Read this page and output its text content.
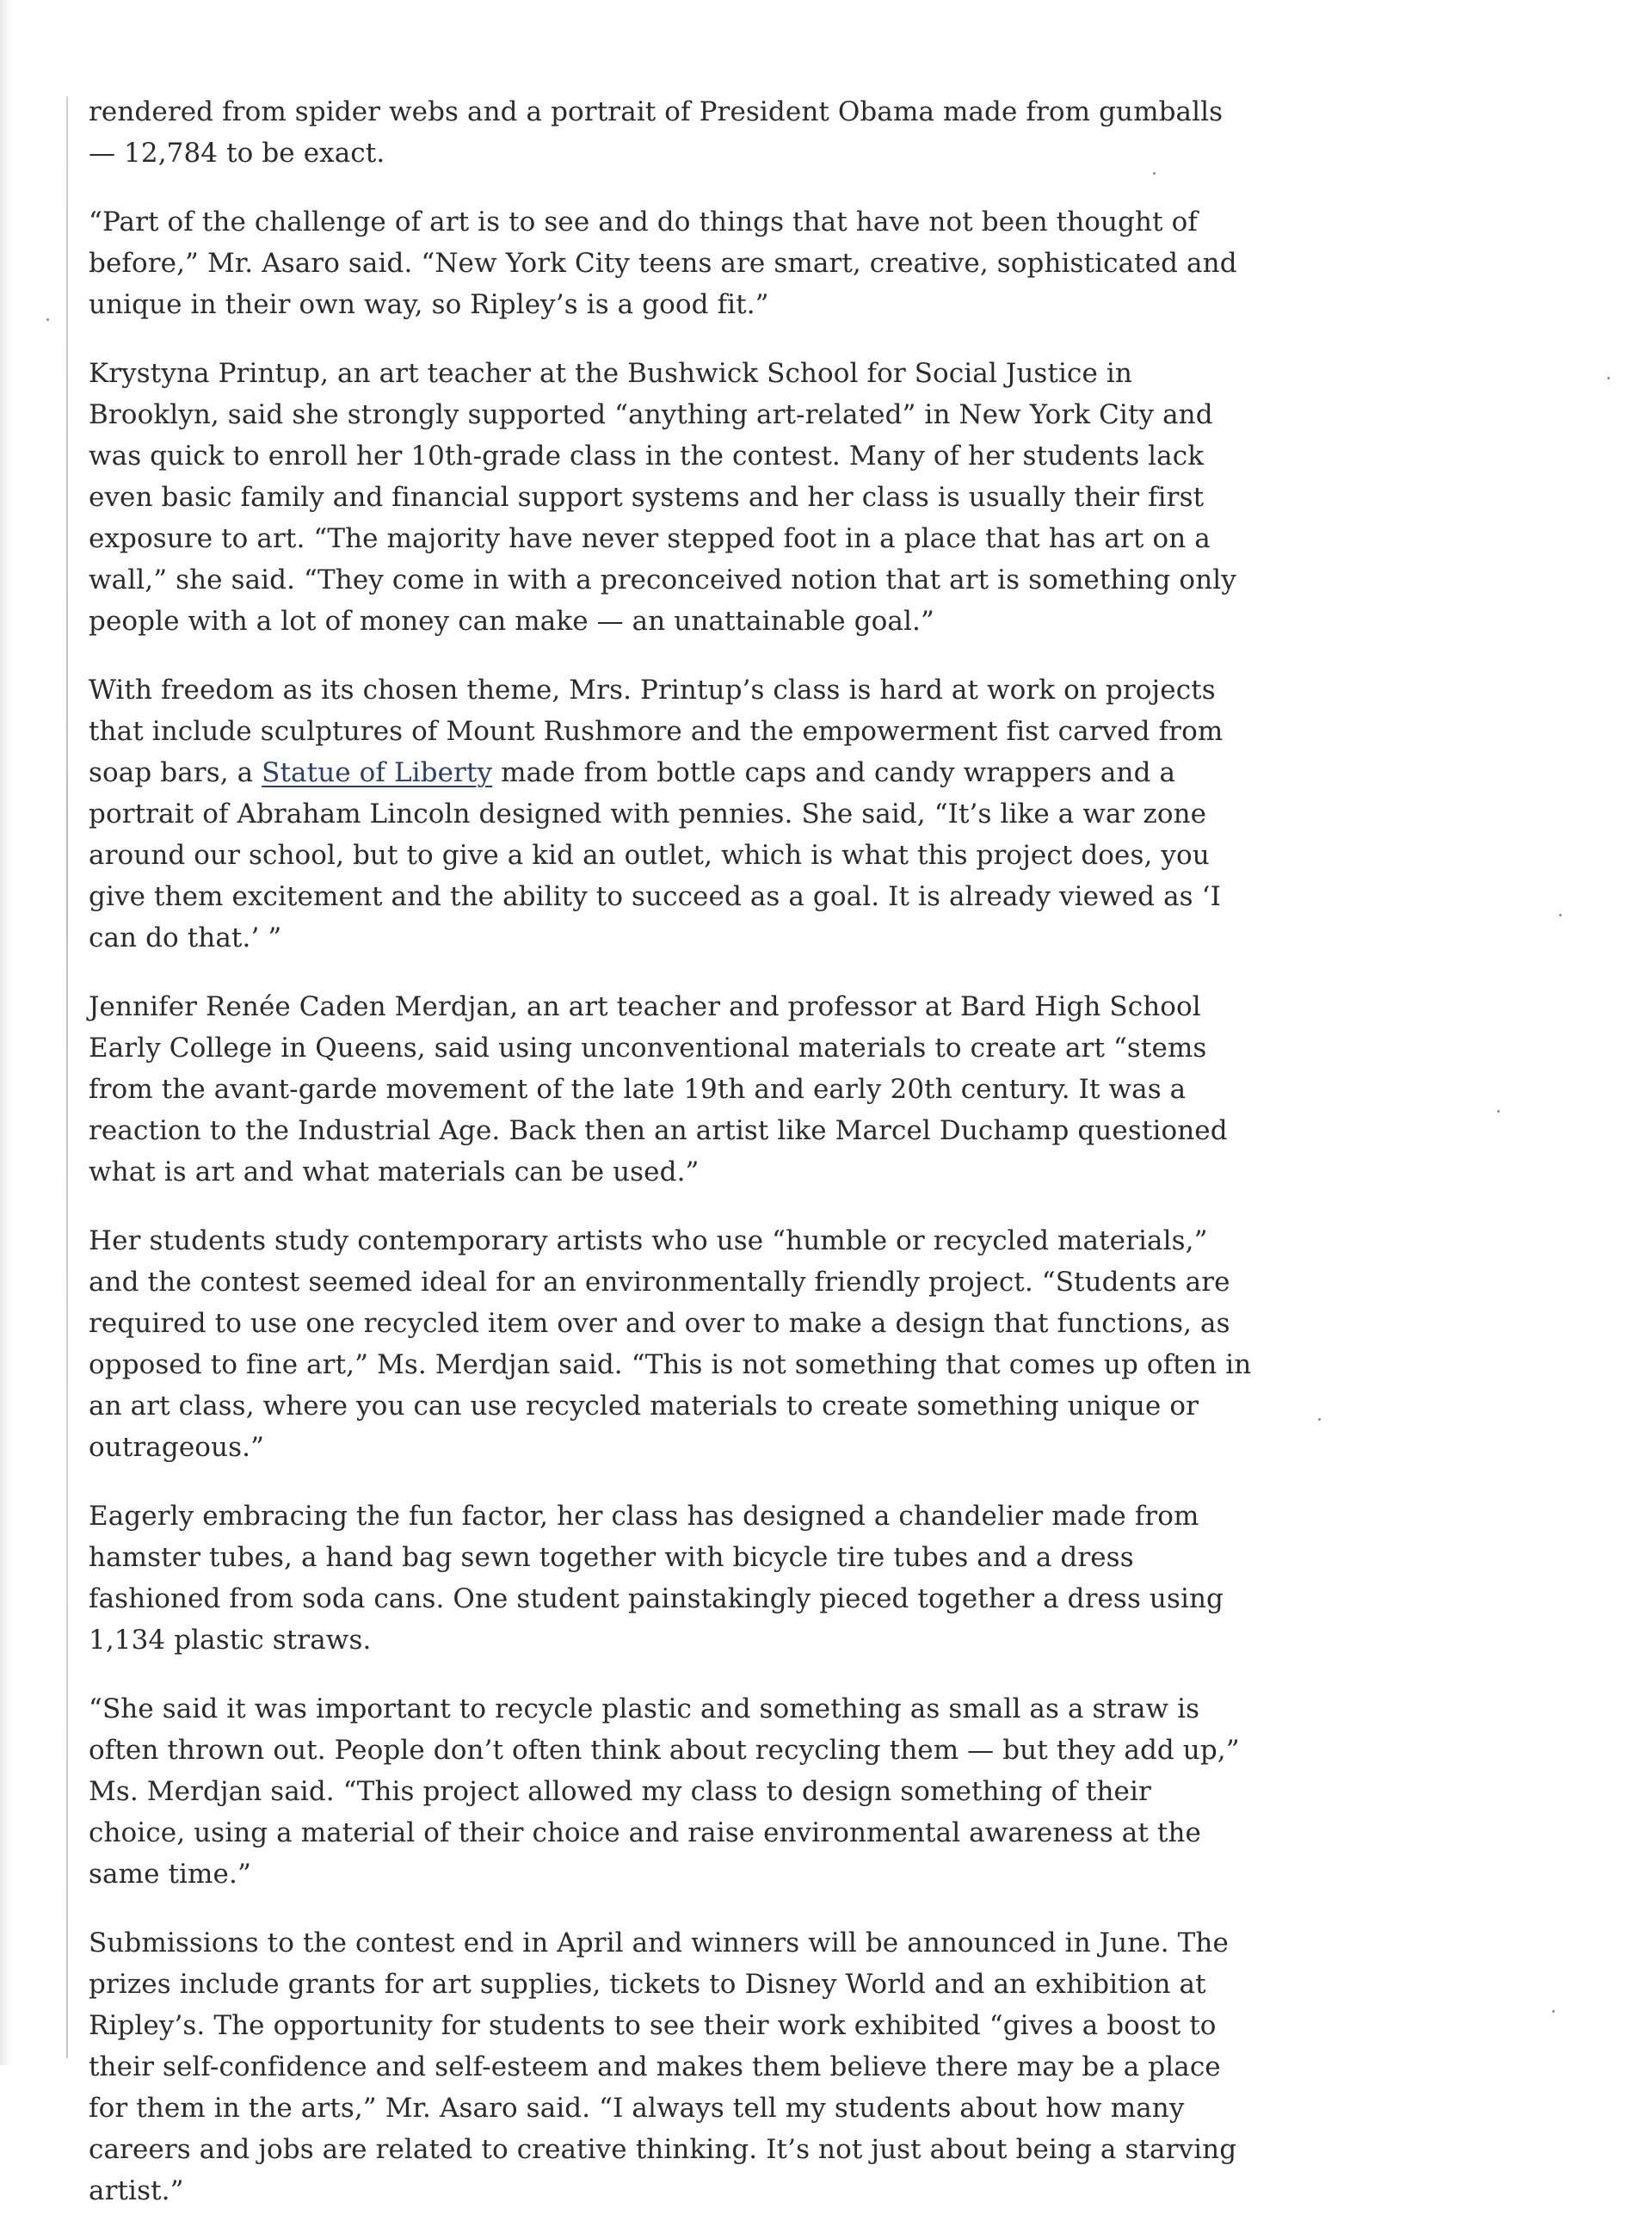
rendered from spider webs and a portrait of President Obama made from gumballs — 12,784 to be exact.

“Part of the challenge of art is to see and do things that have not been thought of before,” Mr. Asaro said. “New York City teens are smart, creative, sophisticated and unique in their own way, so Ripley’s is a good fit.”

Krystyna Printup, an art teacher at the Bushwick School for Social Justice in Brooklyn, said she strongly supported “anything art-related” in New York City and was quick to enroll her 10th-grade class in the contest. Many of her students lack even basic family and financial support systems and her class is usually their first exposure to art. “The majority have never stepped foot in a place that has art on a wall,” she said. “They come in with a preconceived notion that art is something only people with a lot of money can make — an unattainable goal.”

With freedom as its chosen theme, Mrs. Printup’s class is hard at work on projects that include sculptures of Mount Rushmore and the empowerment fist carved from soap bars, a Statue of Liberty made from bottle caps and candy wrappers and a portrait of Abraham Lincoln designed with pennies. She said, “It’s like a war zone around our school, but to give a kid an outlet, which is what this project does, you give them excitement and the ability to succeed as a goal. It is already viewed as ‘I can do that.’ ”

Jennifer Renée Caden Merdjan, an art teacher and professor at Bard High School Early College in Queens, said using unconventional materials to create art “stems from the avant-garde movement of the late 19th and early 20th century. It was a reaction to the Industrial Age. Back then an artist like Marcel Duchamp questioned what is art and what materials can be used.”

Her students study contemporary artists who use “humble or recycled materials,” and the contest seemed ideal for an environmentally friendly project. “Students are required to use one recycled item over and over to make a design that functions, as opposed to fine art,” Ms. Merdjan said. “This is not something that comes up often in an art class, where you can use recycled materials to create something unique or outrageous.”

Eagerly embracing the fun factor, her class has designed a chandelier made from hamster tubes, a hand bag sewn together with bicycle tire tubes and a dress fashioned from soda cans. One student painstakingly pieced together a dress using 1,134 plastic straws.

“She said it was important to recycle plastic and something as small as a straw is often thrown out. People don’t often think about recycling them — but they add up,” Ms. Merdjan said. “This project allowed my class to design something of their choice, using a material of their choice and raise environmental awareness at the same time.”

Submissions to the contest end in April and winners will be announced in June. The prizes include grants for art supplies, tickets to Disney World and an exhibition at Ripley’s. The opportunity for students to see their work exhibited “gives a boost to their self-confidence and self-esteem and makes them believe there may be a place for them in the arts,” Mr. Asaro said. “I always tell my students about how many careers and jobs are related to creative thinking. It’s not just about being a starving artist.”
